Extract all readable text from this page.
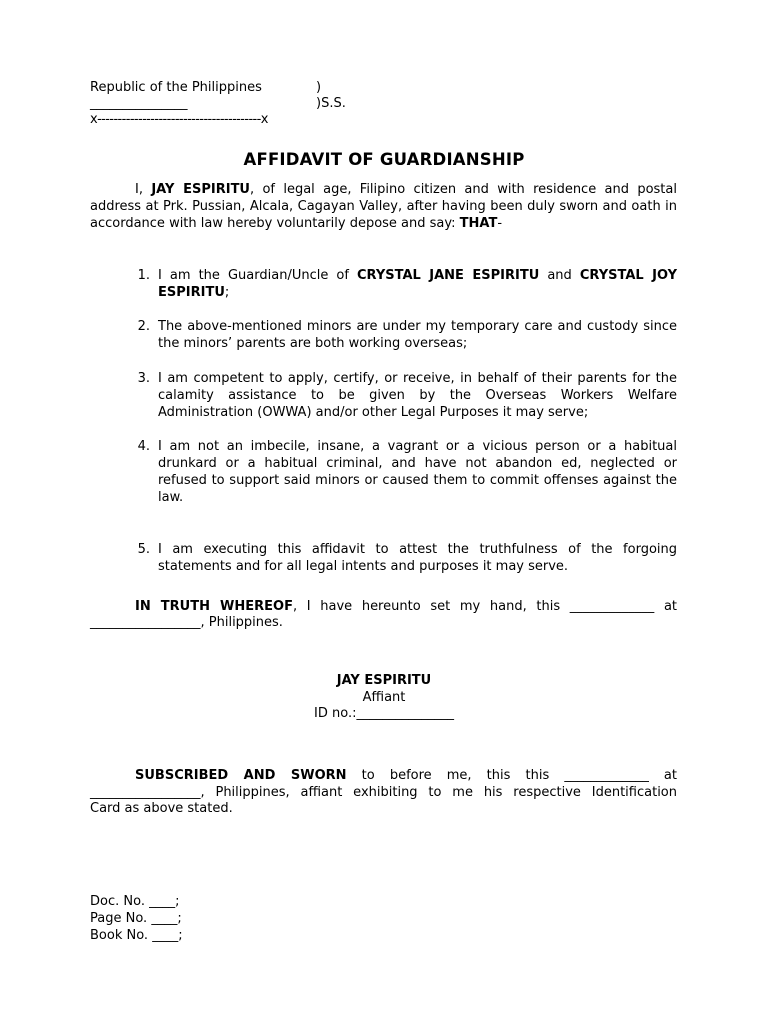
Republic of the Philippines	)
_______________	)S.S.
x----------------------------------------x
AFFIDAVIT OF GUARDIANSHIP
I, JAY ESPIRITU, of legal age, Filipino citizen and with residence and postal address at Prk. Pussian, Alcala, Cagayan Valley, after having been duly sworn and oath in accordance with law hereby voluntarily depose and say: THAT-
1. I am the Guardian/Uncle of CRYSTAL JANE ESPIRITU and CRYSTAL JOY ESPIRITU;
2. The above-mentioned minors are under my temporary care and custody since the minors’ parents are both working overseas;
3. I am competent to apply, certify, or receive, in behalf of their parents for the calamity assistance to be given by the Overseas Workers Welfare Administration (OWWA) and/or other Legal Purposes it may serve;
4. I am not an imbecile, insane, a vagrant or a vicious person or a habitual drunkard or a habitual criminal, and have not abandon ed, neglected or refused to support said minors or caused them to commit offenses against the law.
5. I am executing this affidavit to attest the truthfulness of the forgoing statements and for all legal intents and purposes it may serve.
IN TRUTH WHEREOF, I have hereunto set my hand, this _____________ at
_________________, Philippines.
JAY ESPIRITU
Affiant
ID no.:_______________
SUBSCRIBED AND SWORN to before me, this this _____________ at
_________________, Philippines, affiant exhibiting to me his respective Identification
Card as above stated.
Doc. No. ____;
Page No. ____;
Book No. ____;
